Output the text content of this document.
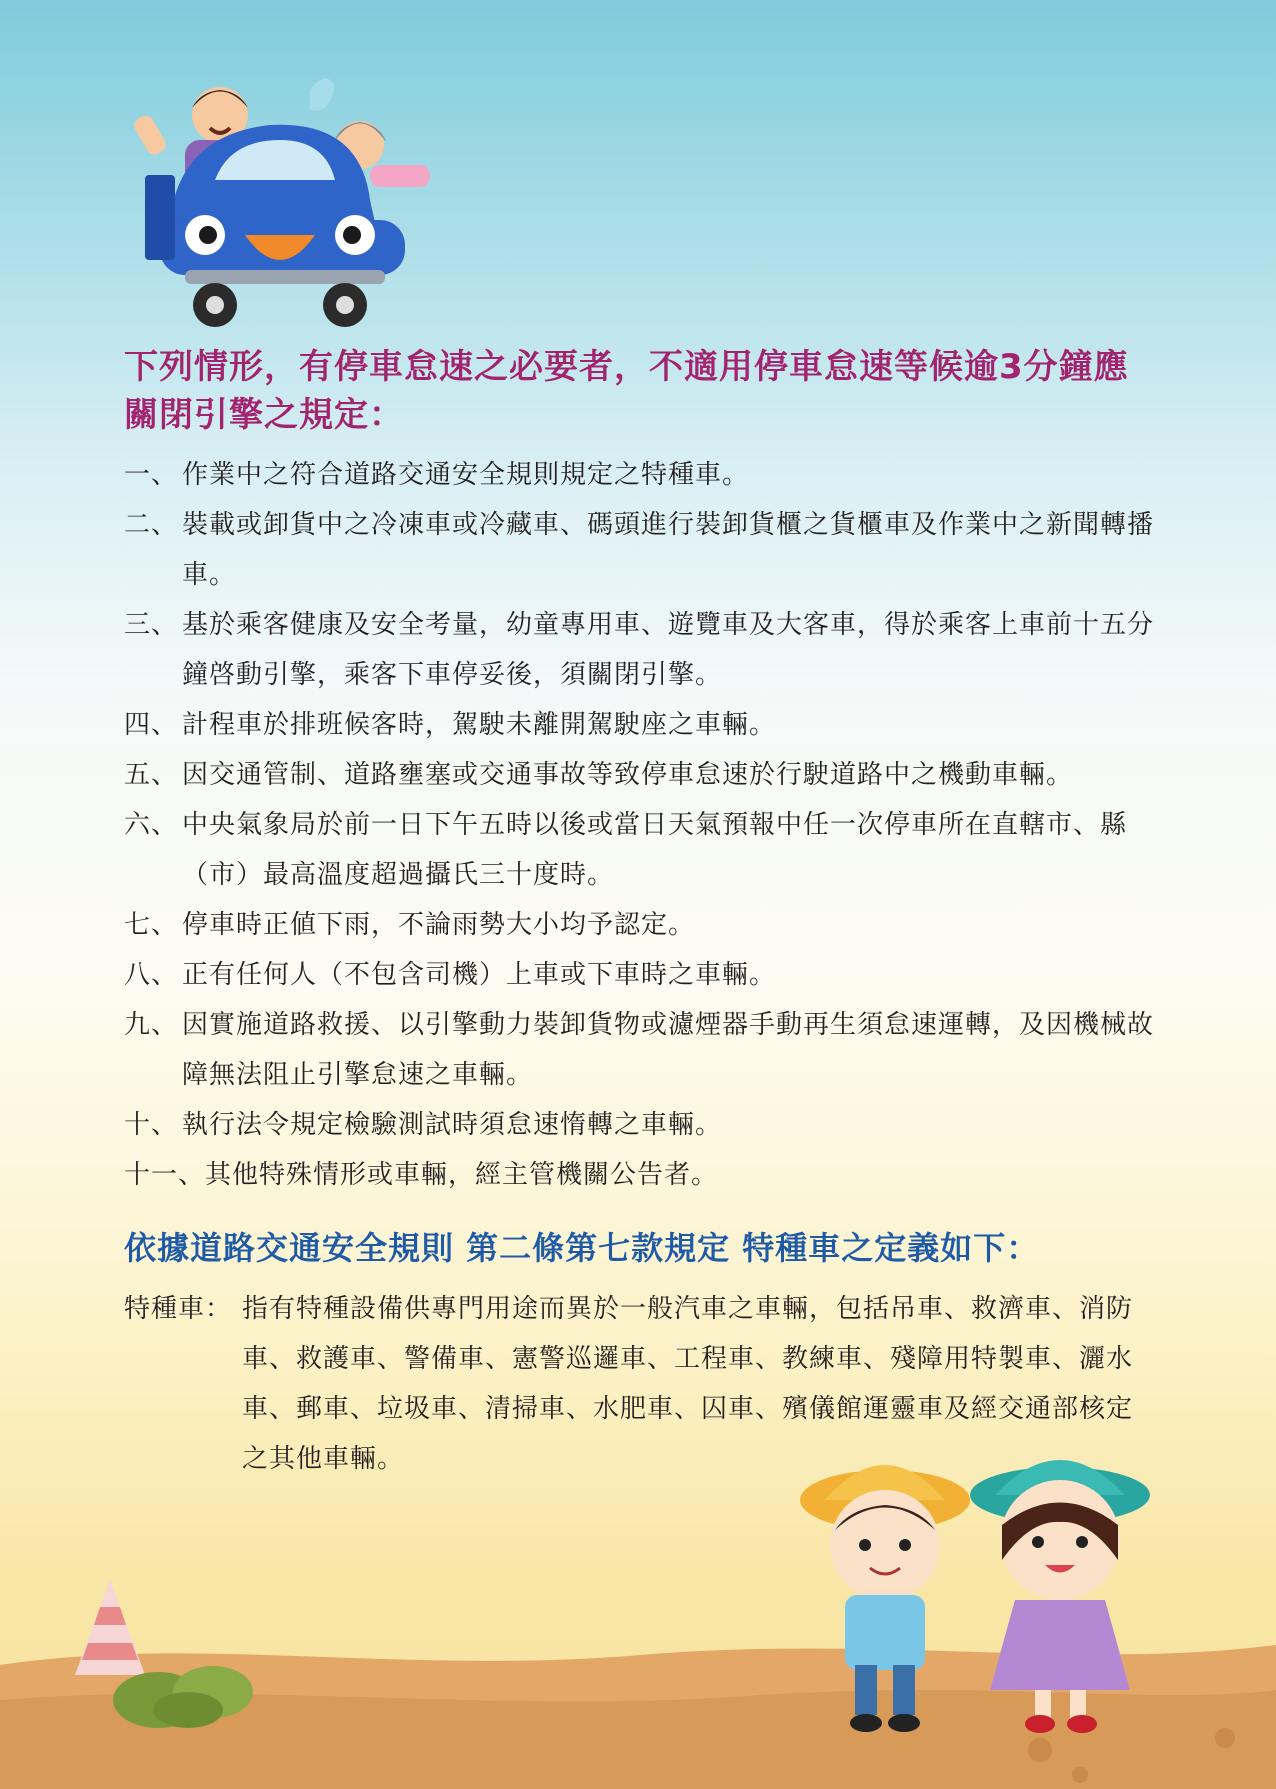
下列情形，有停車怠速之必要者，不適用停車怠速等候逾3分鐘應關閉引擎之規定：
一、 作業中之符合道路交通安全規則規定之特種車。
二、 裝載或卸貨中之冷凍車或冷藏車、碼頭進行裝卸貨櫃之貨櫃車及作業中之新聞轉播車。
三、 基於乘客健康及安全考量，幼童專用車、遊覽車及大客車，得於乘客上車前十五分鐘啓動引擎，乘客下車停妥後，須關閉引擎。
四、 計程車於排班候客時，駕駛未離開駕駛座之車輛。
五、 因交通管制、道路壅塞或交通事故等致停車怠速於行駛道路中之機動車輛。
六、 中央氣象局於前一日下午五時以後或當日天氣預報中任一次停車所在直轄市、縣（市）最高溫度超過攝氏三十度時。
七、 停車時正値下雨，不論雨勢大小均予認定。
八、 正有任何人（不包含司機）上車或下車時之車輛。
九、 因實施道路救援、以引擎動力裝卸貨物或濾煙器手動再生須怠速運轉，及因機械故障無法阻止引擎怠速之車輛。
十、 執行法令規定檢驗測試時須怠速惰轉之車輛。
十一、 其他特殊情形或車輛，經主管機關公告者。
依據道路交通安全規則 第二條第七款規定 特種車之定義如下：
特種車： 指有特種設備供專門用途而異於一般汽車之車輛，包括吊車、救濟車、消防車、救護車、警備車、憲警巡邏車、工程車、教練車、殘障用特製車、灑水車、郵車、垃圾車、清掃車、水肥車、囚車、殯儀館運靈車及經交通部核定之其他車輛。
